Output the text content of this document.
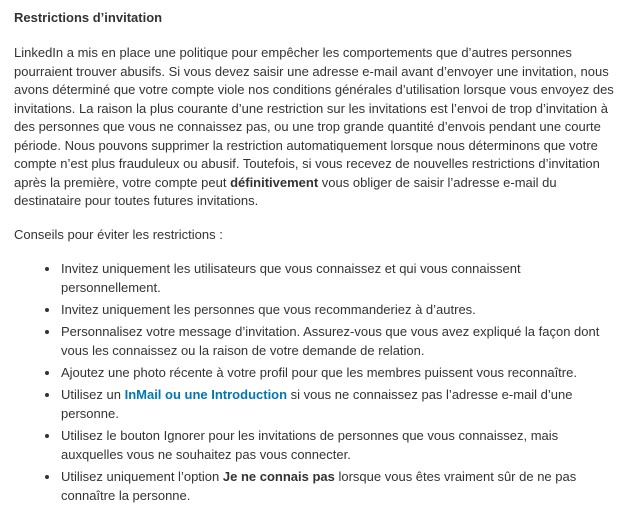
Restrictions d’invitation

LinkedIn a mis en place une politique pour empêcher les comportements que d’autres personnes pourraient trouver abusifs. Si vous devez saisir une adresse e-mail avant d’envoyer une invitation, nous avons déterminé que votre compte viole nos conditions générales d’utilisation lorsque vous envoyez des invitations. La raison la plus courante d’une restriction sur les invitations est l’envoi de trop d’invitation à des personnes que vous ne connaissez pas, ou une trop grande quantité d’envois pendant une courte période. Nous pouvons supprimer la restriction automatiquement lorsque nous déterminons que votre compte n’est plus frauduleux ou abusif. Toutefois, si vous recevez de nouvelles restrictions d’invitation après la première, votre compte peut définitivement vous obliger de saisir l’adresse e-mail du destinataire pour toutes futures invitations.

Conseils pour éviter les restrictions :

• Invitez uniquement les utilisateurs que vous connaissez et qui vous connaissent personnellement.
• Invitez uniquement les personnes que vous recommanderiez à d’autres.
• Personnalisez votre message d’invitation. Assurez-vous que vous avez expliqué la façon dont vous les connaissez ou la raison de votre demande de relation.
• Ajoutez une photo récente à votre profil pour que les membres puissent vous reconnaître.
• Utilisez un InMail ou une Introduction si vous ne connaissez pas l’adresse e-mail d’une personne.
• Utilisez le bouton Ignorer pour les invitations de personnes que vous connaissez, mais auxquelles vous ne souhaitez pas vous connecter.
• Utilisez uniquement l’option Je ne connais pas lorsque vous êtes vraiment sûr de ne pas connaître la personne.
